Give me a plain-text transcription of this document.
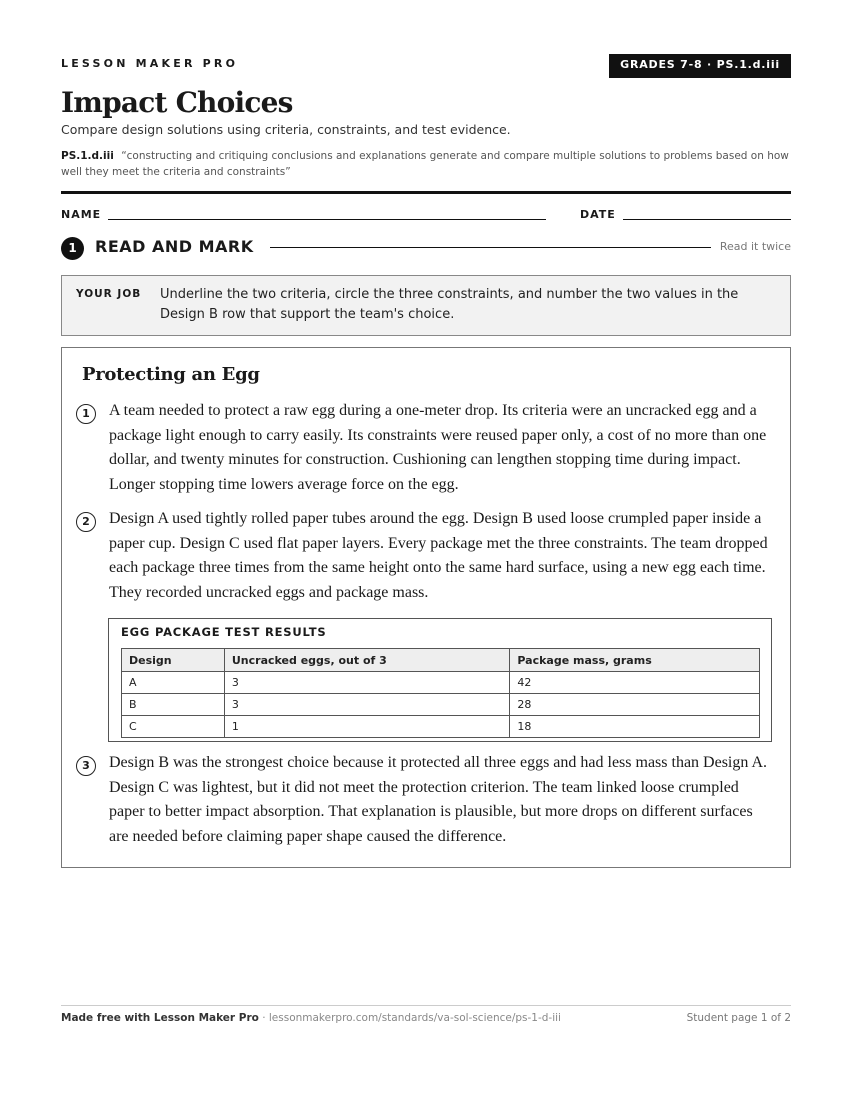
LESSON MAKER PRO	GRADES 7-8 · PS.1.d.iii
Impact Choices
Compare design solutions using criteria, constraints, and test evidence.
PS.1.d.iii “constructing and critiquing conclusions and explanations generate and compare multiple solutions to problems based on how well they meet the criteria and constraints”
NAME	DATE
1	READ AND MARK	Read it twice
YOUR JOB Underline the two criteria, circle the three constraints, and number the two values in the Design B row that support the team's choice.
Protecting an Egg
1	A team needed to protect a raw egg during a one-meter drop. Its criteria were an uncracked egg and a package light enough to carry easily. Its constraints were reused paper only, a cost of no more than one dollar, and twenty minutes for construction. Cushioning can lengthen stopping time during impact. Longer stopping time lowers average force on the egg.
2	Design A used tightly rolled paper tubes around the egg. Design B used loose crumpled paper inside a paper cup. Design C used flat paper layers. Every package met the three constraints. The team dropped each package three times from the same height onto the same hard surface, using a new egg each time. They recorded uncracked eggs and package mass.
EGG PACKAGE TEST RESULTS
Design	Uncracked eggs, out of 3	Package mass, grams
A	3	42
B	3	28
C	1	18
3	Design B was the strongest choice because it protected all three eggs and had less mass than Design A. Design C was lightest, but it did not meet the protection criterion. The team linked loose crumpled paper to better impact absorption. That explanation is plausible, but more drops on different surfaces are needed before claiming paper shape caused the difference.
Made free with Lesson Maker Pro · lessonmakerpro.com/standards/va-sol-science/ps-1-d-iii	Student page 1 of 2
